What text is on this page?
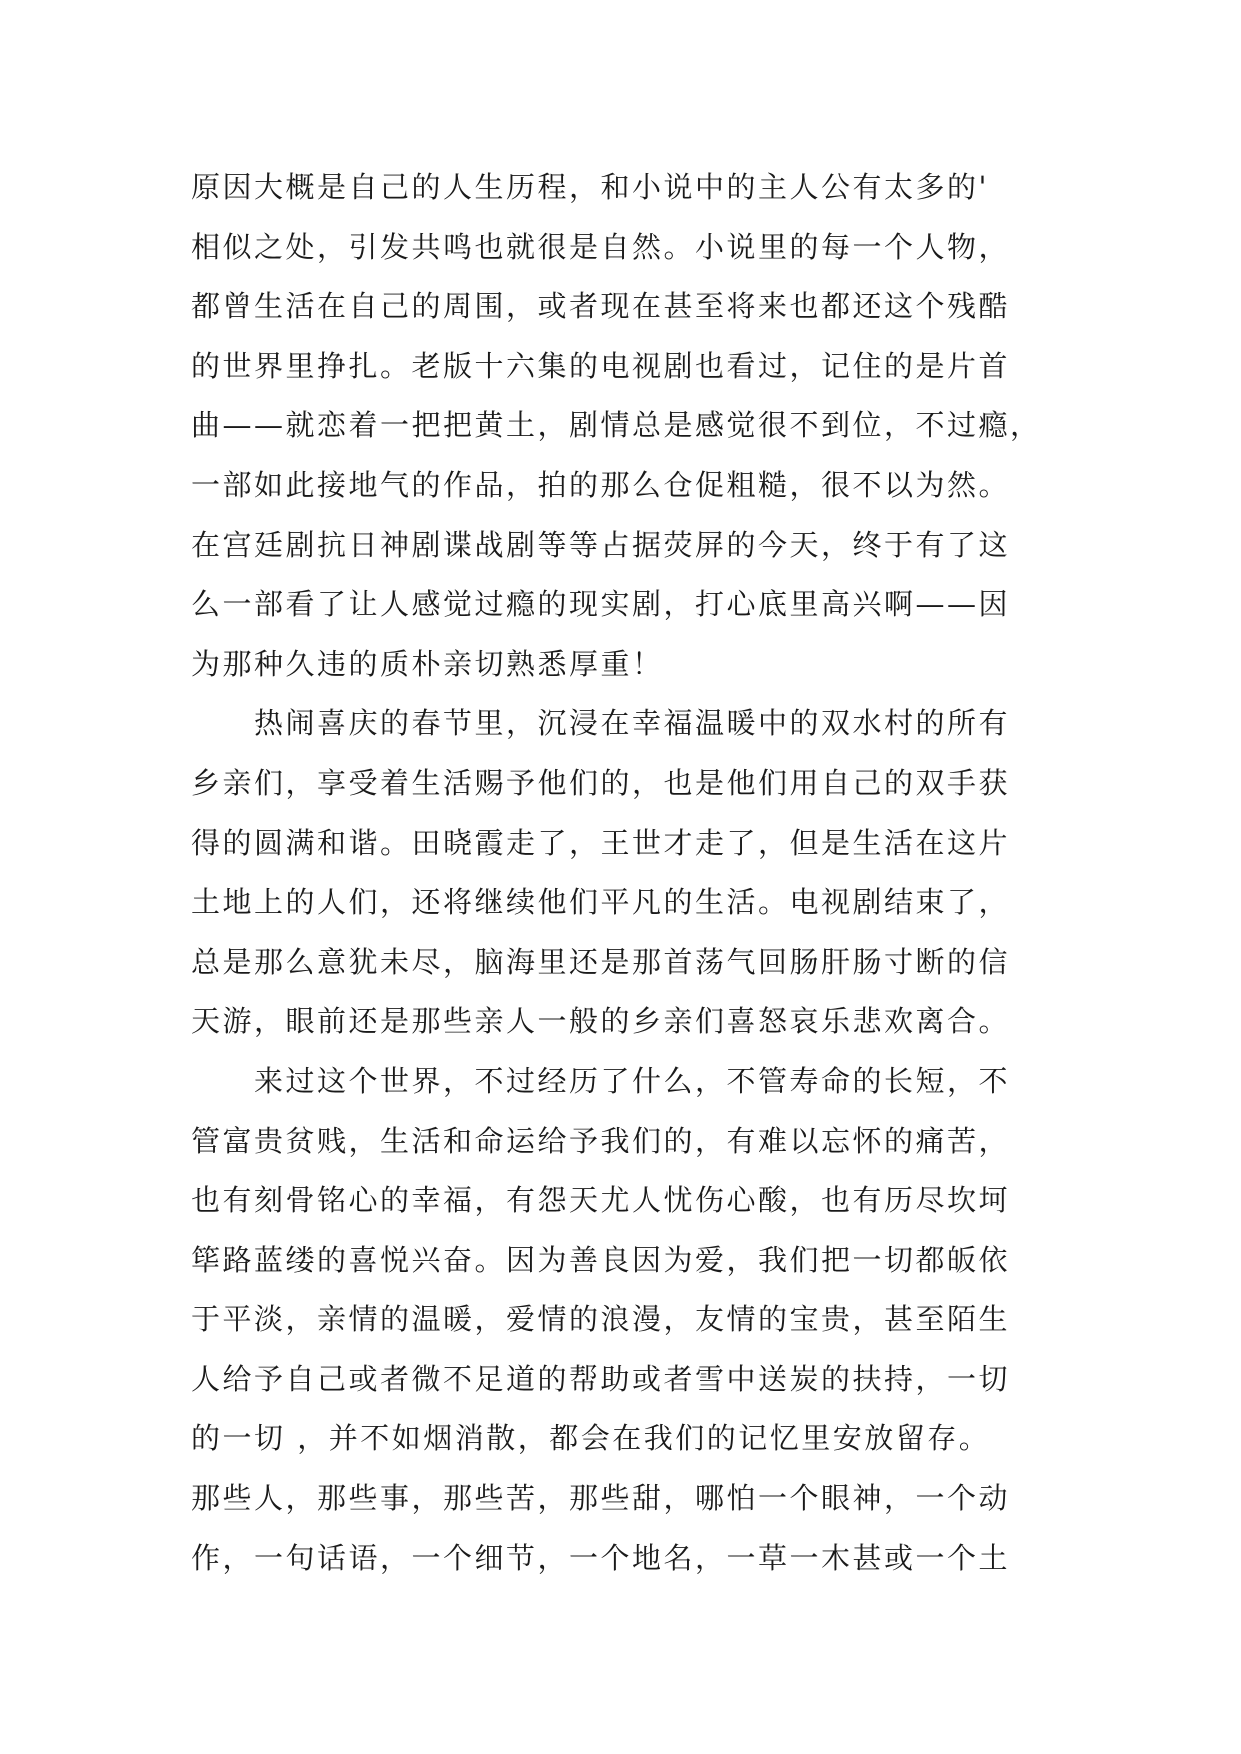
原因大概是自己的人生历程，和小说中的主人公有太多的'
相似之处，引发共鸣也就很是自然。小说里的每一个人物，
都曾生活在自己的周围，或者现在甚至将来也都还这个残酷
的世界里挣扎。老版十六集的电视剧也看过，记住的是片首
曲——就恋着一把把黄土，剧情总是感觉很不到位，不过瘾，
一部如此接地气的作品，拍的那么仓促粗糙，很不以为然。
在宫廷剧抗日神剧谍战剧等等占据荧屏的今天，终于有了这
么一部看了让人感觉过瘾的现实剧，打心底里高兴啊——因
为那种久违的质朴亲切熟悉厚重！
　　热闹喜庆的春节里，沉浸在幸福温暖中的双水村的所有
乡亲们，享受着生活赐予他们的，也是他们用自己的双手获
得的圆满和谐。田晓霞走了，王世才走了，但是生活在这片
土地上的人们，还将继续他们平凡的生活。电视剧结束了，
总是那么意犹未尽，脑海里还是那首荡气回肠肝肠寸断的信
天游，眼前还是那些亲人一般的乡亲们喜怒哀乐悲欢离合。
　　来过这个世界，不过经历了什么，不管寿命的长短，不
管富贵贫贱，生活和命运给予我们的，有难以忘怀的痛苦，
也有刻骨铭心的幸福，有怨天尤人忧伤心酸，也有历尽坎坷
筚路蓝缕的喜悦兴奋。因为善良因为爱，我们把一切都皈依
于平淡，亲情的温暖，爱情的浪漫，友情的宝贵，甚至陌生
人给予自己或者微不足道的帮助或者雪中送炭的扶持，一切
的一切 ，并不如烟消散，都会在我们的记忆里安放留存。
那些人，那些事，那些苦，那些甜，哪怕一个眼神，一个动
作，一句话语，一个细节，一个地名，一草一木甚或一个土
